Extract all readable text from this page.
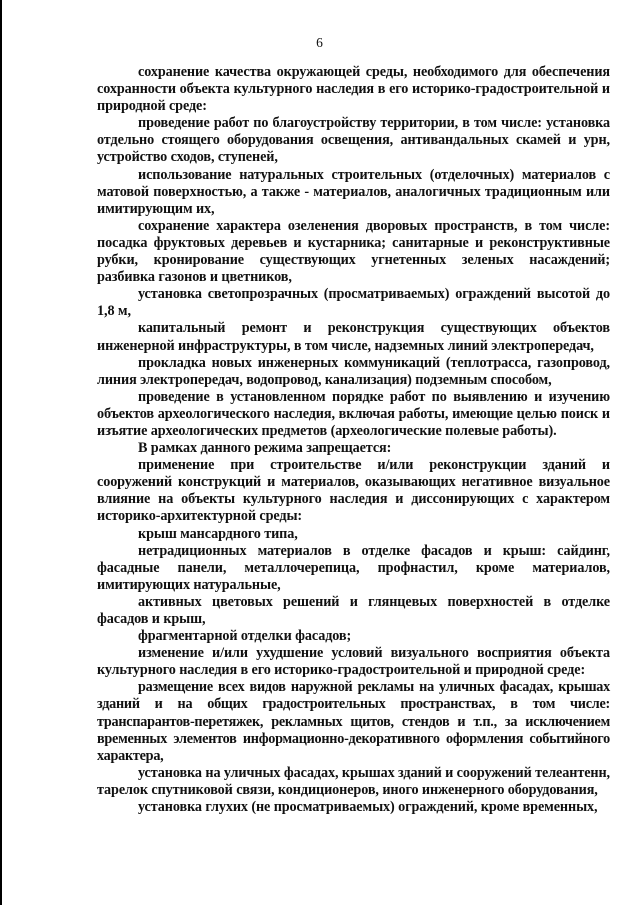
6

сохранение качества окружающей среды, необходимого для обеспечения сохранности объекта культурного наследия в его историко-градостроительной и природной среде:

проведение работ по благоустройству территории, в том числе: установка отдельно стоящего оборудования освещения, антивандальных скамей и урн, устройство сходов, ступеней,

использование натуральных строительных (отделочных) материалов с матовой поверхностью, а также - материалов, аналогичных традиционным или имитирующим их,

сохранение характера озеленения дворовых пространств, в том числе: посадка фруктовых деревьев и кустарника; санитарные и реконструктивные рубки, кронирование существующих угнетенных зеленых насаждений; разбивка газонов и цветников,

установка светопрозрачных (просматриваемых) ограждений высотой до 1,8 м,

капитальный ремонт и реконструкция существующих объектов инженерной инфраструктуры, в том числе, надземных линий электропередач,

прокладка новых инженерных коммуникаций (теплотрасса, газопровод, линия электропередач, водопровод, канализация) подземным способом,

проведение в установленном порядке работ по выявлению и изучению объектов археологического наследия, включая работы, имеющие целью поиск и изъятие археологических предметов (археологические полевые работы).

В рамках данного режима запрещается:

применение при строительстве и/или реконструкции зданий и сооружений конструкций и материалов, оказывающих негативное визуальное влияние на объекты культурного наследия и диссонирующих с характером историко-архитектурной среды:

крыш мансардного типа,

нетрадиционных материалов в отделке фасадов и крыш: сайдинг, фасадные панели, металлочерепица, профнастил, кроме материалов, имитирующих натуральные,

активных цветовых решений и глянцевых поверхностей в отделке фасадов и крыш,

фрагментарной отделки фасадов;

изменение и/или ухудшение условий визуального восприятия объекта культурного наследия в его историко-градостроительной и природной среде:

размещение всех видов наружной рекламы на уличных фасадах, крышах зданий и на общих градостроительных пространствах, в том числе: транспарантов-перетяжек, рекламных щитов, стендов и т.п., за исключением временных элементов информационно-декоративного оформления событийного характера,

установка на уличных фасадах, крышах зданий и сооружений телеантенн, тарелок спутниковой связи, кондиционеров, иного инженерного оборудования,

установка глухих (не просматриваемых) ограждений, кроме временных,
